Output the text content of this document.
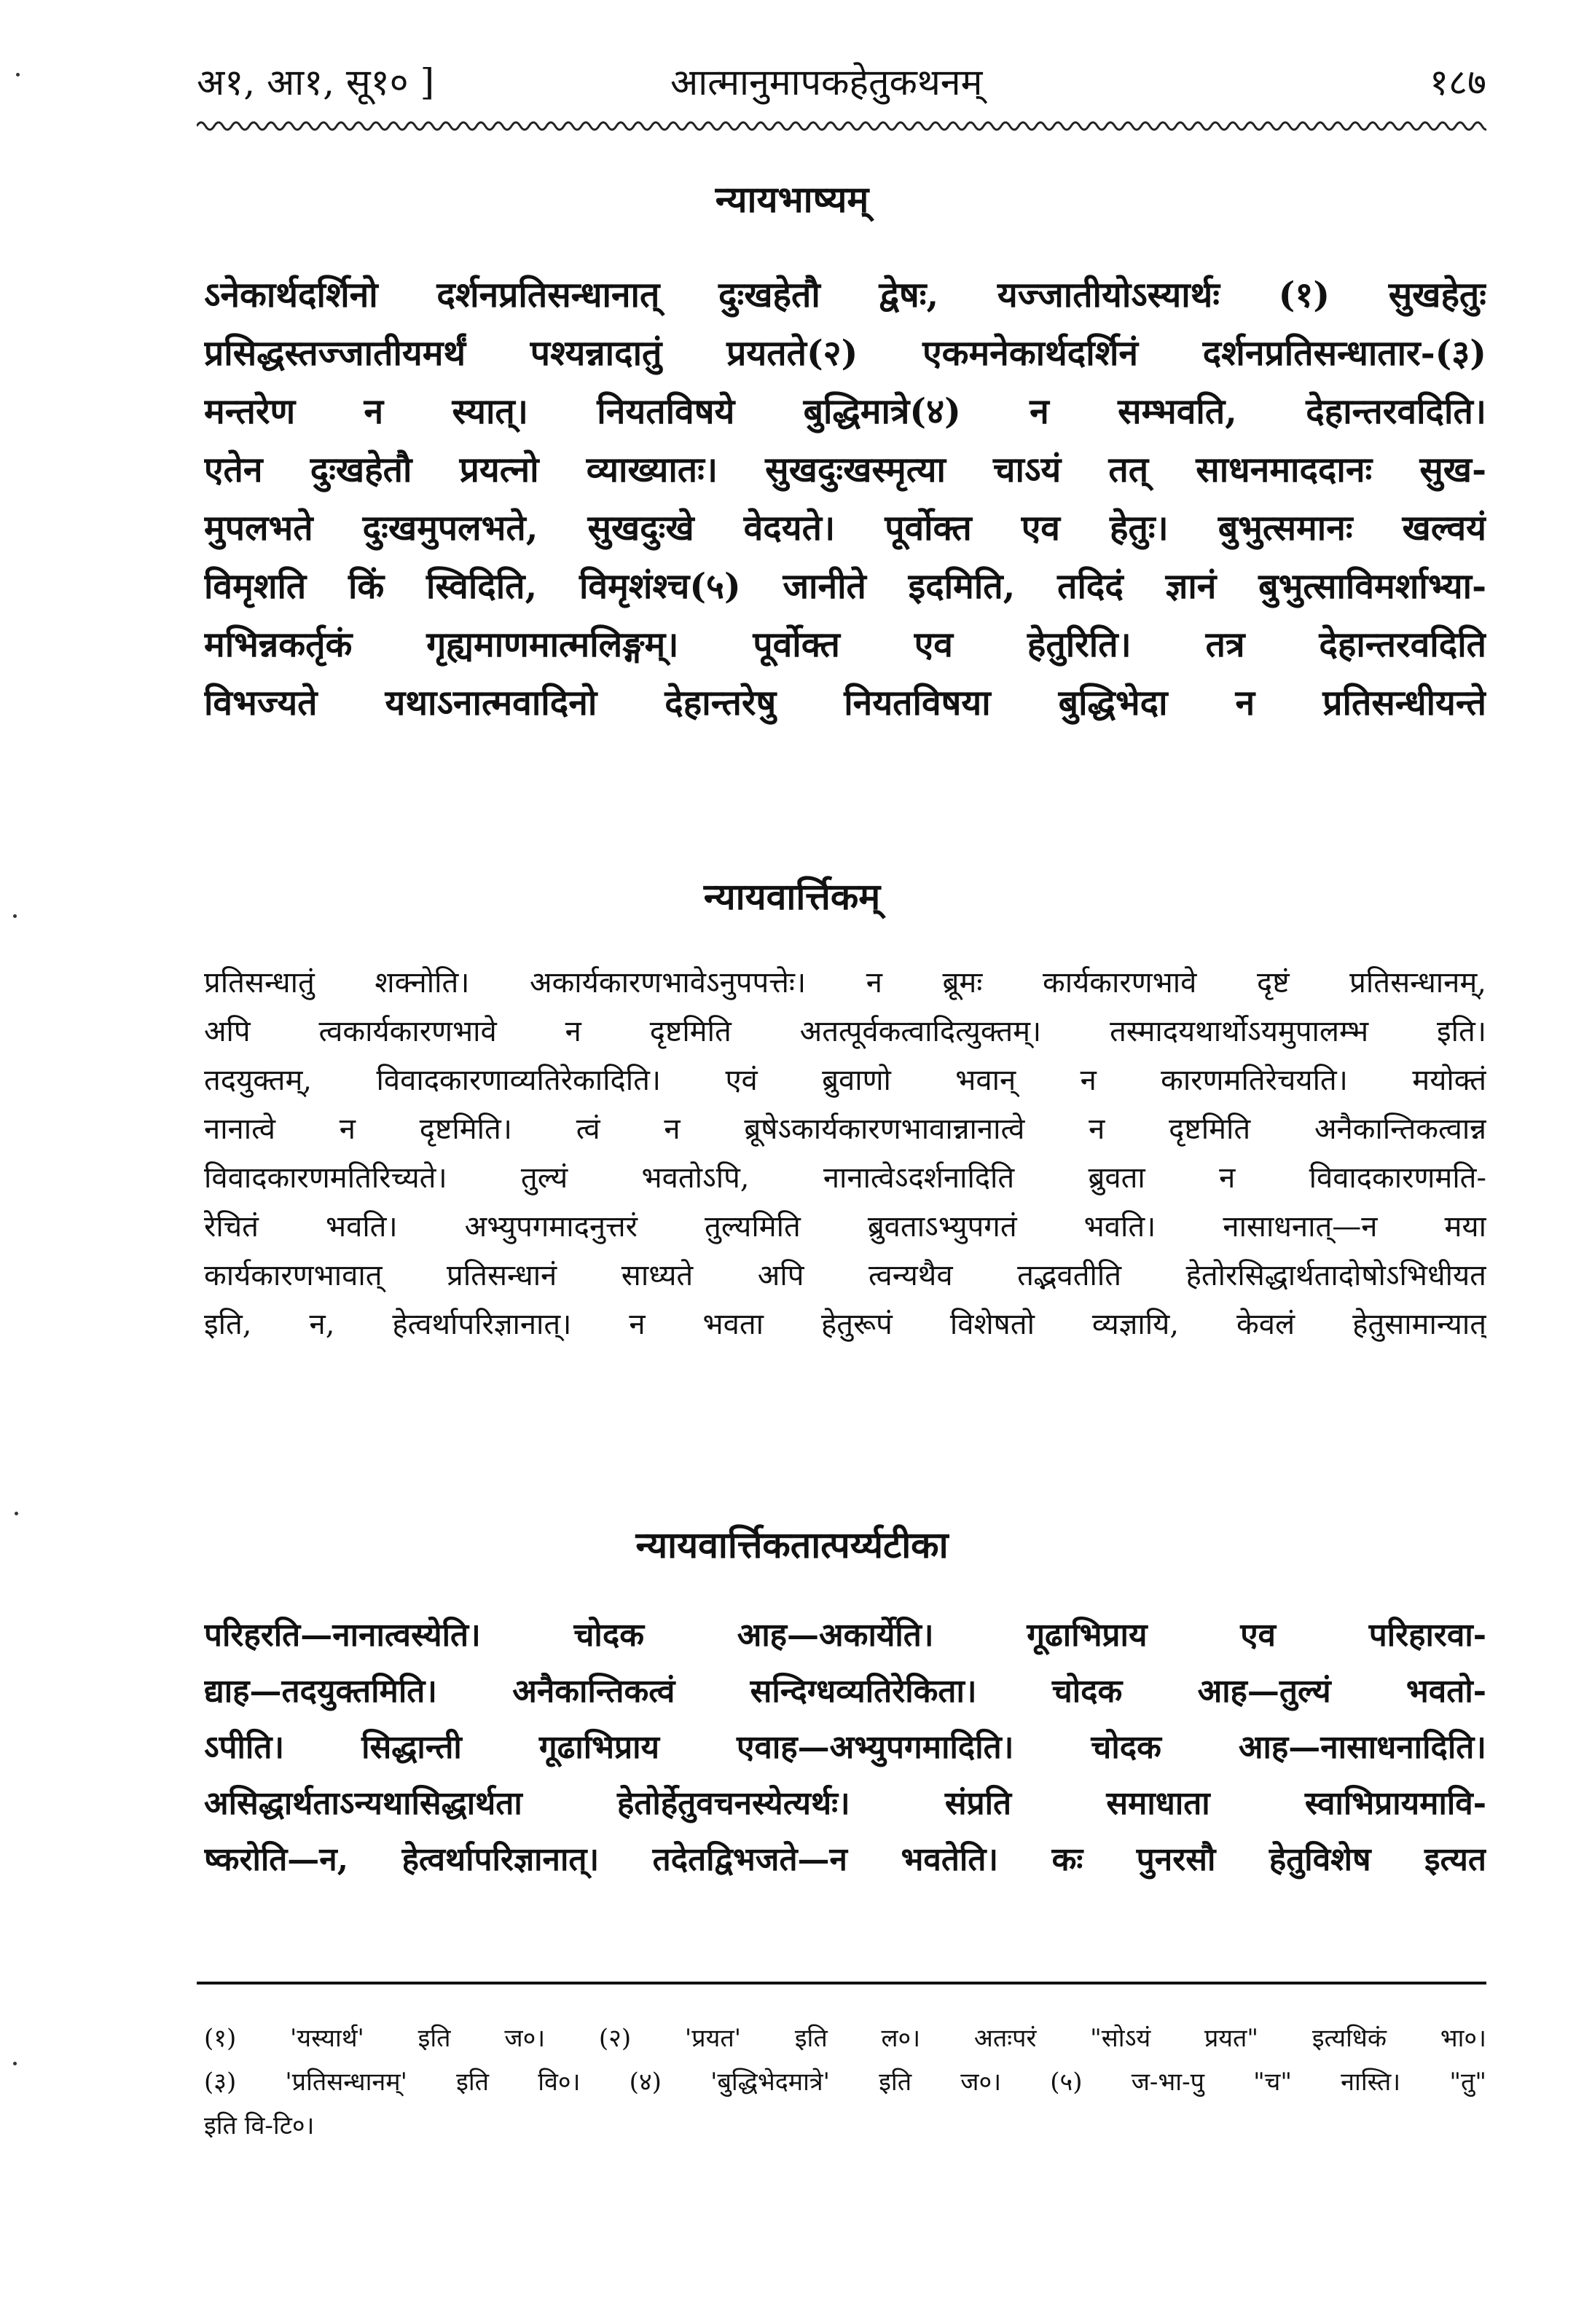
अ१, आ१, सू१० ]	आत्मानुमापकहेतुकथनम्	१८७
न्यायभाष्यम्
ऽनेकार्थदर्शिनो दर्शनप्रतिसन्धानात् दुःखहेतौ द्वेषः, यज्जातीयोऽस्यार्थः (१) सुखहेतुः
प्रसिद्धस्तज्जातीयमर्थं पश्यन्नादातुं प्रयतते(२) एकमनेकार्थदर्शिनं दर्शनप्रतिसन्धातार-(३)
मन्तरेण न स्यात्। नियतविषये बुद्धिमात्रे(४) न सम्भवति, देहान्तरवदिति।
एतेन दुःखहेतौ प्रयत्नो व्याख्यातः। सुखदुःखस्मृत्या चाऽयं तत् साधनमाददानः सुख-
मुपलभते दुःखमुपलभते, सुखदुःखे वेदयते। पूर्वोक्त एव हेतुः। बुभुत्समानः खल्वयं
विमृशति किं स्विदिति, विमृशंश्च(५) जानीते इदमिति, तदिदं ज्ञानं बुभुत्साविमर्शाभ्या-
मभिन्नकर्तृकं गृह्यमाणमात्मलिङ्गम्। पूर्वोक्त एव हेतुरिति। तत्र देहान्तरवदिति
विभज्यते यथाऽनात्मवादिनो देहान्तरेषु नियतविषया बुद्धिभेदा न प्रतिसन्धीयन्ते
न्यायवार्त्तिकम्
प्रतिसन्धातुं शक्नोति। अकार्यकारणभावेऽनुपपत्तेः। न ब्रूमः कार्यकारणभावे दृष्टं प्रतिसन्धानम्,
अपि त्वकार्यकारणभावे न दृष्टमिति अतत्पूर्वकत्वादित्युक्तम्। तस्मादयथार्थोऽयमुपालम्भ इति।
तदयुक्तम्, विवादकारणाव्यतिरेकादिति। एवं ब्रुवाणो भवान् न कारणमतिरेचयति। मयोक्तं
नानात्वे न दृष्टमिति। त्वं न ब्रूषेऽकार्यकारणभावान्नानात्वे न दृष्टमिति अनैकान्तिकत्वान्न
विवादकारणमतिरिच्यते। तुल्यं भवतोऽपि, नानात्वेऽदर्शनादिति ब्रुवता न विवादकारणमति-
रेचितं भवति। अभ्युपगमादनुत्तरं तुल्यमिति ब्रुवताऽभ्युपगतं भवति। नासाधनात्—न मया
कार्यकारणभावात् प्रतिसन्धानं साध्यते अपि त्वन्यथैव तद्भवतीति हेतोरसिद्धार्थतादोषोऽभिधीयत
इति, न, हेत्वर्थापरिज्ञानात्। न भवता हेतुरूपं विशेषतो व्यज्ञायि, केवलं हेतुसामान्यात्
न्यायवार्त्तिकतात्पर्य्यटीका
परिहरति—नानात्वस्येति। चोदक आह—अकार्येति। गूढाभिप्राय एव परिहारवा-
द्याह—तदयुक्तमिति। अनैकान्तिकत्वं सन्दिग्धव्यतिरेकिता। चोदक आह—तुल्यं भवतो-
ऽपीति। सिद्धान्ती गूढाभिप्राय एवाह—अभ्युपगमादिति। चोदक आह—नासाधनादिति।
असिद्धार्थताऽन्यथासिद्धार्थता हेतोर्हेतुवचनस्येत्यर्थः। संप्रति समाधाता स्वाभिप्रायमावि-
ष्करोति—न, हेत्वर्थापरिज्ञानात्। तदेतद्विभजते—न भवतेति। कः पुनरसौ हेतुविशेष इत्यत
(१) 'यस्यार्थ' इति ज०। (२) 'प्रयत' इति ल०। अतःपरं "सोऽयं प्रयत" इत्यधिकं भा०।
(३) 'प्रतिसन्धानम्' इति वि०। (४) 'बुद्धिभेदमात्रे' इति ज०। (५) ज-भा-पु "च" नास्ति। "तु"
इति वि-टि०।
